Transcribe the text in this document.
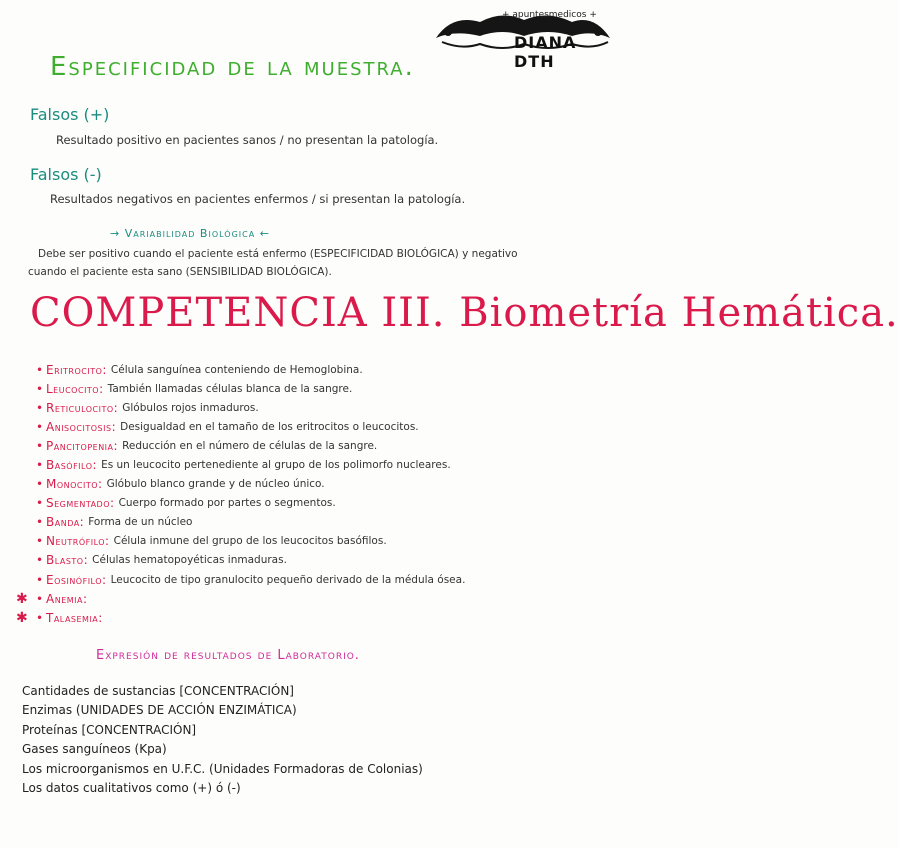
+ apuntesmedicos +
DIANA DTH
Especificidad de la muestra.
Falsos (+)
Resultado positivo en pacientes sanos / no presentan la patología.
Falsos (-)
Resultados negativos en pacientes enfermos / si presentan la patología.
→ Variabilidad Biológica ←
Debe ser positivo cuando el paciente está enfermo (ESPECIFICIDAD BIOLÓGICA) y negativo
cuando el paciente esta sano (SENSIBILIDAD BIOLÓGICA).
COMPETENCIA III. Biometría Hemática.
• Eritrocito: Célula sanguínea conteniendo de Hemoglobina.
• Leucocito: También llamadas células blanca de la sangre.
• Reticulocito: Glóbulos rojos inmaduros.
• Anisocitosis: Desigualdad en el tamaño de los eritrocitos o leucocitos.
• Pancitopenia: Reducción en el número de células de la sangre.
• Basófilo: Es un leucocito pertenediente al grupo de los polimorfo nucleares.
• Monocito: Glóbulo blanco grande y de núcleo único.
• Segmentado: Cuerpo formado por partes o segmentos.
• Banda: Forma de un núcleo
• Neutrófilo: Célula inmune del grupo de los leucocitos basófilos.
• Blasto: Células hematopoyéticas inmaduras.
• Eosinófilo: Leucocito de tipo granulocito pequeño derivado de la médula ósea.
✱ • Anemia:
✱ • Talasemia:
Expresión de resultados de Laboratorio.
Cantidades de sustancias [CONCENTRACIÓN]
Enzimas (UNIDADES DE ACCIÓN ENZIMÁTICA)
Proteínas [CONCENTRACIÓN]
Gases sanguíneos (Kpa)
Los microorganismos en U.F.C. (Unidades Formadoras de Colonias)
Los datos cualitativos como (+) ó (-)
